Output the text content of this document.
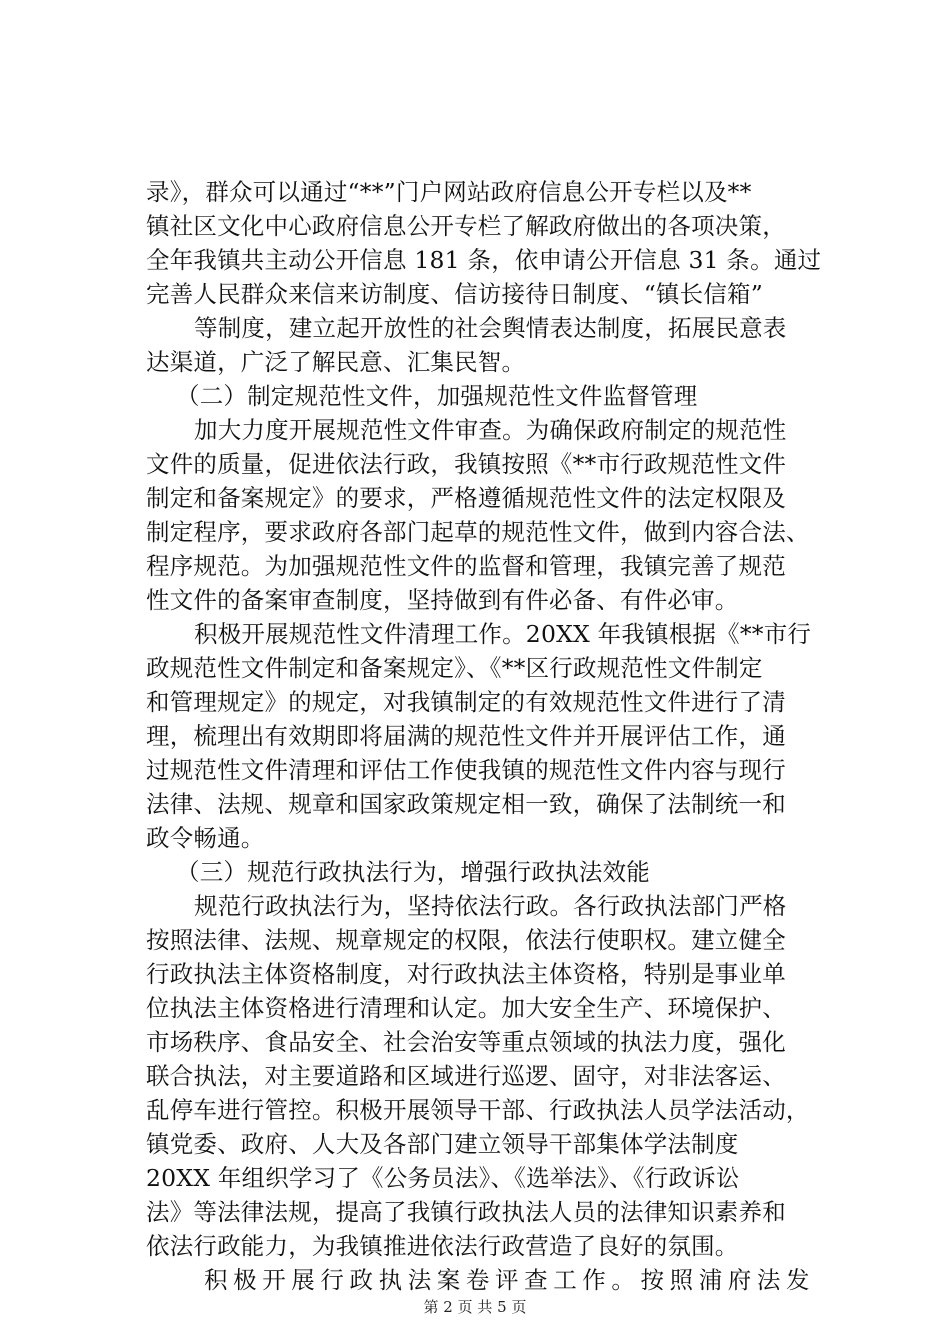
录》，群众可以通过“**”门户网站政府信息公开专栏以及**
镇社区文化中心政府信息公开专栏了解政府做出的各项决策，
全年我镇共主动公开信息 181 条，依申请公开信息 31 条。通过
完善人民群众来信来访制度、信访接待日制度、“镇长信箱”
等制度，建立起开放性的社会舆情表达制度，拓展民意表
达渠道，广泛了解民意、汇集民智。
（二）制定规范性文件，加强规范性文件监督管理
加大力度开展规范性文件审查。为确保政府制定的规范性
文件的质量，促进依法行政，我镇按照《**市行政规范性文件
制定和备案规定》的要求，严格遵循规范性文件的法定权限及
制定程序，要求政府各部门起草的规范性文件，做到内容合法、
程序规范。为加强规范性文件的监督和管理，我镇完善了规范
性文件的备案审查制度，坚持做到有件必备、有件必审。
积极开展规范性文件清理工作。20XX 年我镇根据《**市行
政规范性文件制定和备案规定》、《**区行政规范性文件制定
和管理规定》的规定，对我镇制定的有效规范性文件进行了清
理，梳理出有效期即将届满的规范性文件并开展评估工作，通
过规范性文件清理和评估工作使我镇的规范性文件内容与现行
法律、法规、规章和国家政策规定相一致，确保了法制统一和
政令畅通。
（三）规范行政执法行为，增强行政执法效能
规范行政执法行为，坚持依法行政。各行政执法部门严格
按照法律、法规、规章规定的权限，依法行使职权。建立健全
行政执法主体资格制度，对行政执法主体资格，特别是事业单
位执法主体资格进行清理和认定。加大安全生产、环境保护、
市场秩序、食品安全、社会治安等重点领域的执法力度，强化
联合执法，对主要道路和区域进行巡逻、固守，对非法客运、
乱停车进行管控。积极开展领导干部、行政执法人员学法活动，
镇党委、政府、人大及各部门建立领导干部集体学法制度
20XX 年组织学习了《公务员法》、《选举法》、《行政诉讼
法》等法律法规，提高了我镇行政执法人员的法律知识素养和
依法行政能力，为我镇推进依法行政营造了良好的氛围。
积极开展行政执法案卷评查工作。按照浦府法发
第 2 页 共 5 页
